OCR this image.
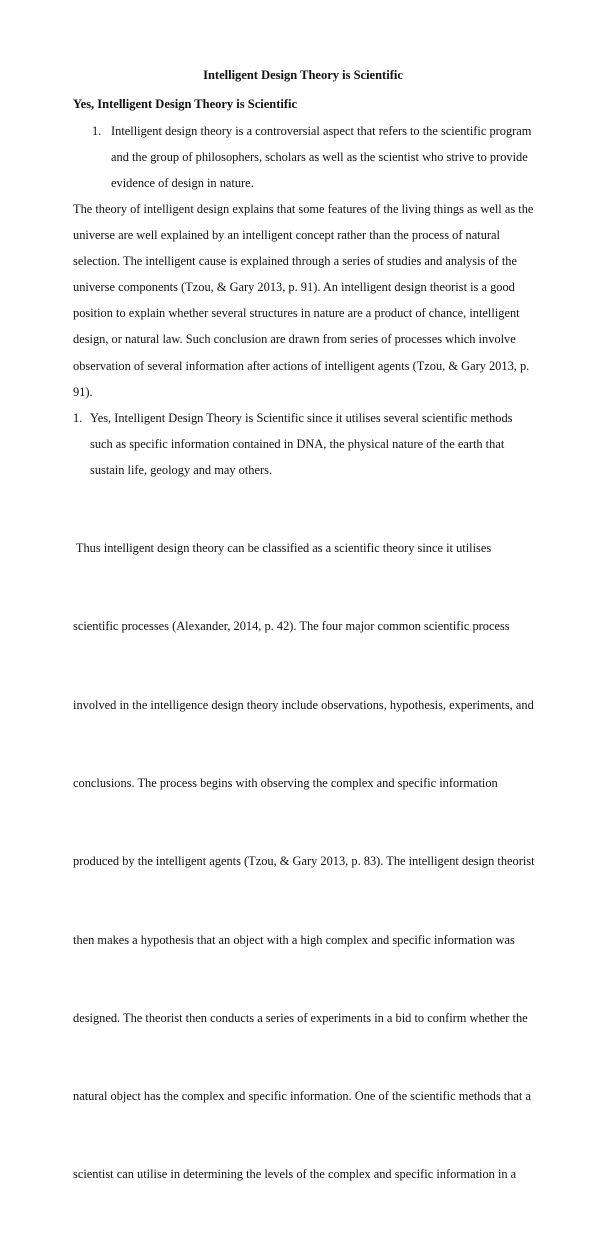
Intelligent Design Theory is Scientific
Yes, Intelligent Design Theory is Scientific
1. Intelligent design theory is a controversial aspect that refers to the scientific program
and the group of philosophers, scholars as well as the scientist who strive to provide
evidence of design in nature.
The theory of intelligent design explains that some features of the living things as well as the
universe are well explained by an intelligent concept rather than the process of natural
selection. The intelligent cause is explained through a series of studies and analysis of the
universe components (Tzou, & Gary 2013, p. 91). An intelligent design theorist is a good
position to explain whether several structures in nature are a product of chance, intelligent
design, or natural law. Such conclusion are drawn from series of processes which involve
observation of several information after actions of intelligent agents (Tzou, & Gary 2013, p.
91).
1. Yes, Intelligent Design Theory is Scientific since it utilises several scientific methods
such as specific information contained in DNA, the physical nature of the earth that
sustain life, geology and may others.

Thus intelligent design theory can be classified as a scientific theory since it utilises

scientific processes (Alexander, 2014, p. 42). The four major common scientific process

involved in the intelligence design theory include observations, hypothesis, experiments, and

conclusions. The process begins with observing the complex and specific information

produced by the intelligent agents (Tzou, & Gary 2013, p. 83). The intelligent design theorist

then makes a hypothesis that an object with a high complex and specific information was

designed. The theorist then conducts a series of experiments in a bid to confirm whether the

natural object has the complex and specific information. One of the scientific methods that a

scientist can utilise in determining the levels of the complex and specific information in a
